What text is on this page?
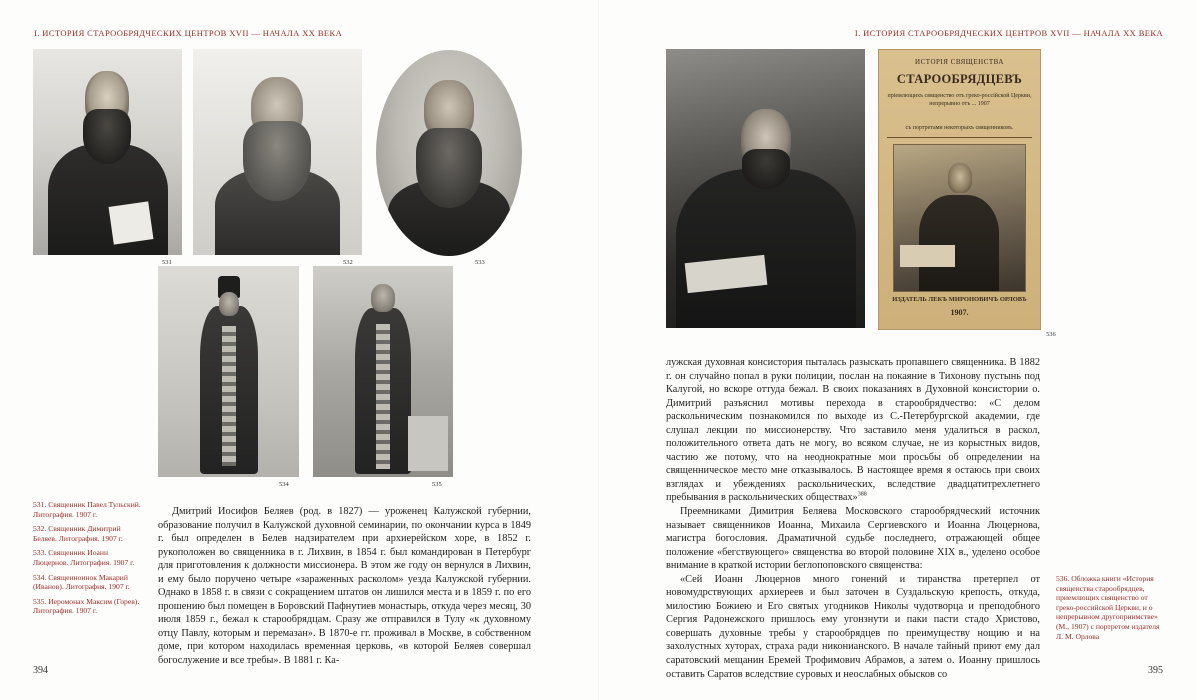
I. ИСТОРИЯ СТАРООБРЯДЧЕСКИХ ЦЕНТРОВ XVII — НАЧАЛА XX ВЕКА
531	532	533
534	535
531. Священник Павел Тульский. Литография. 1907 г.
532. Священник Димитрий Беляев. Литография. 1907 г.
533. Священник Иоанн Люцернов. Литография. 1907 г.
534. Священноинок Макарий (Иванов). Литография. 1907 г.
535. Иеромонах Максим (Горев). Литография. 1907 г.

Дмитрий Иосифов Беляев (род. в 1827) — уроженец Калужской губернии, образование получил в Калужской духовной семинарии, по окончании курса в 1849 г. был определен в Белев надзирателем при архиерейском хоре, в 1852 г. рукоположен во священника в г. Лихвин, в 1854 г. был командирован в Петербург для приготовления к должности миссионера. В этом же году он вернулся в Лихвин, и ему было поручено четыре «зараженных расколом» уезда Калужской губернии. Однако в 1858 г. в связи с сокращением штатов он лишился места и в 1859 г. по его прошению был помещен в Боровский Пафнутиев монастырь, откуда через месяц, 30 июля 1859 г., бежал к старообрядцам. Сразу же отправился в Тулу «к духовному отцу Павлу, которым и перемазан». В 1870-е гг. проживал в Москве, в собственном доме, при котором находилась временная церковь, «в которой Беляев совершал богослужение и все требы». В 1881 г. Ка-

394
I. ИСТОРИЯ СТАРООБРЯДЧЕСКИХ ЦЕНТРОВ XVII — НАЧАЛА XX ВЕКА
ИСТОРІЯ СВЯЩЕНСТВА
СТАРООБРЯДЦЕВЪ
пріемлющихъ священство отъ греко-россійской Церкви, непрерывно отъ ... 1907
съ портретами некоторыхъ священниковъ.
ИЗДАТЕЛЬ ЛЕКЪ МИРОНОВИЧЪ ОРЛОВЪ
1907.
536

лужская духовная консистория пыталась разыскать пропавшего священника. В 1882 г. он случайно попал в руки полиции, послан на покаяние в Тихонову пустынь под Калугой, но вскоре оттуда бежал. В своих показаниях в Духовной консистории о. Димитрий разъяснил мотивы перехода в старообрядчество: «С делом раскольническим познакомился по выходе из С.-Петербургской академии, где слушал лекции по миссионерству. Что заставило меня удалиться в раскол, положительного ответа дать не могу, во всяком случае, не из корыстных видов, частию же потому, что на неоднократные мои просьбы об определении на священническое место мне отказывалось. В настоящее время я остаюсь при своих взглядах и убеждениях раскольнических, вследствие двадцатитрехлетнего пребывания в раскольнических обществах»$^{388}$

Преемниками Димитрия Беляева Московского старообрядческий источник называет священников Иоанна, Михаила Сергиевского и Иоанна Люцернова, магистра богословия. Драматичной судьбе последнего, отражающей общее положение «бегствующего» священства во второй половине XIX в., уделено особое внимание в краткой истории беглопоповского священства:

«Сей Иоанн Люцернов много гонений и тиранства претерпел от новомудрствующих архиереев и был заточен в Суздальскую крепость, откуда, милостию Божиею и Его святых угодников Николы чудотворца и преподобного Сергия Радонежского пришлось ему угонзнути и паки пасти стадо Христово, совершать духовные требы у старообрядцев по преимуществу нощию и на захолустных хуторах, страха ради никонианского. В начале тайный приют ему дал саратовский мещанин Еремей Трофимович Абрамов, а затем о. Иоанну пришлось оставить Саратов вследствие суровых и неослабных обысков со

536. Обложка книги «История священства старообрядцев, приемлющих священство от греко-российской Церкви, и о непрерывном другоприимстве» (М., 1907) с портретом издателя Л. М. Орлова
395
